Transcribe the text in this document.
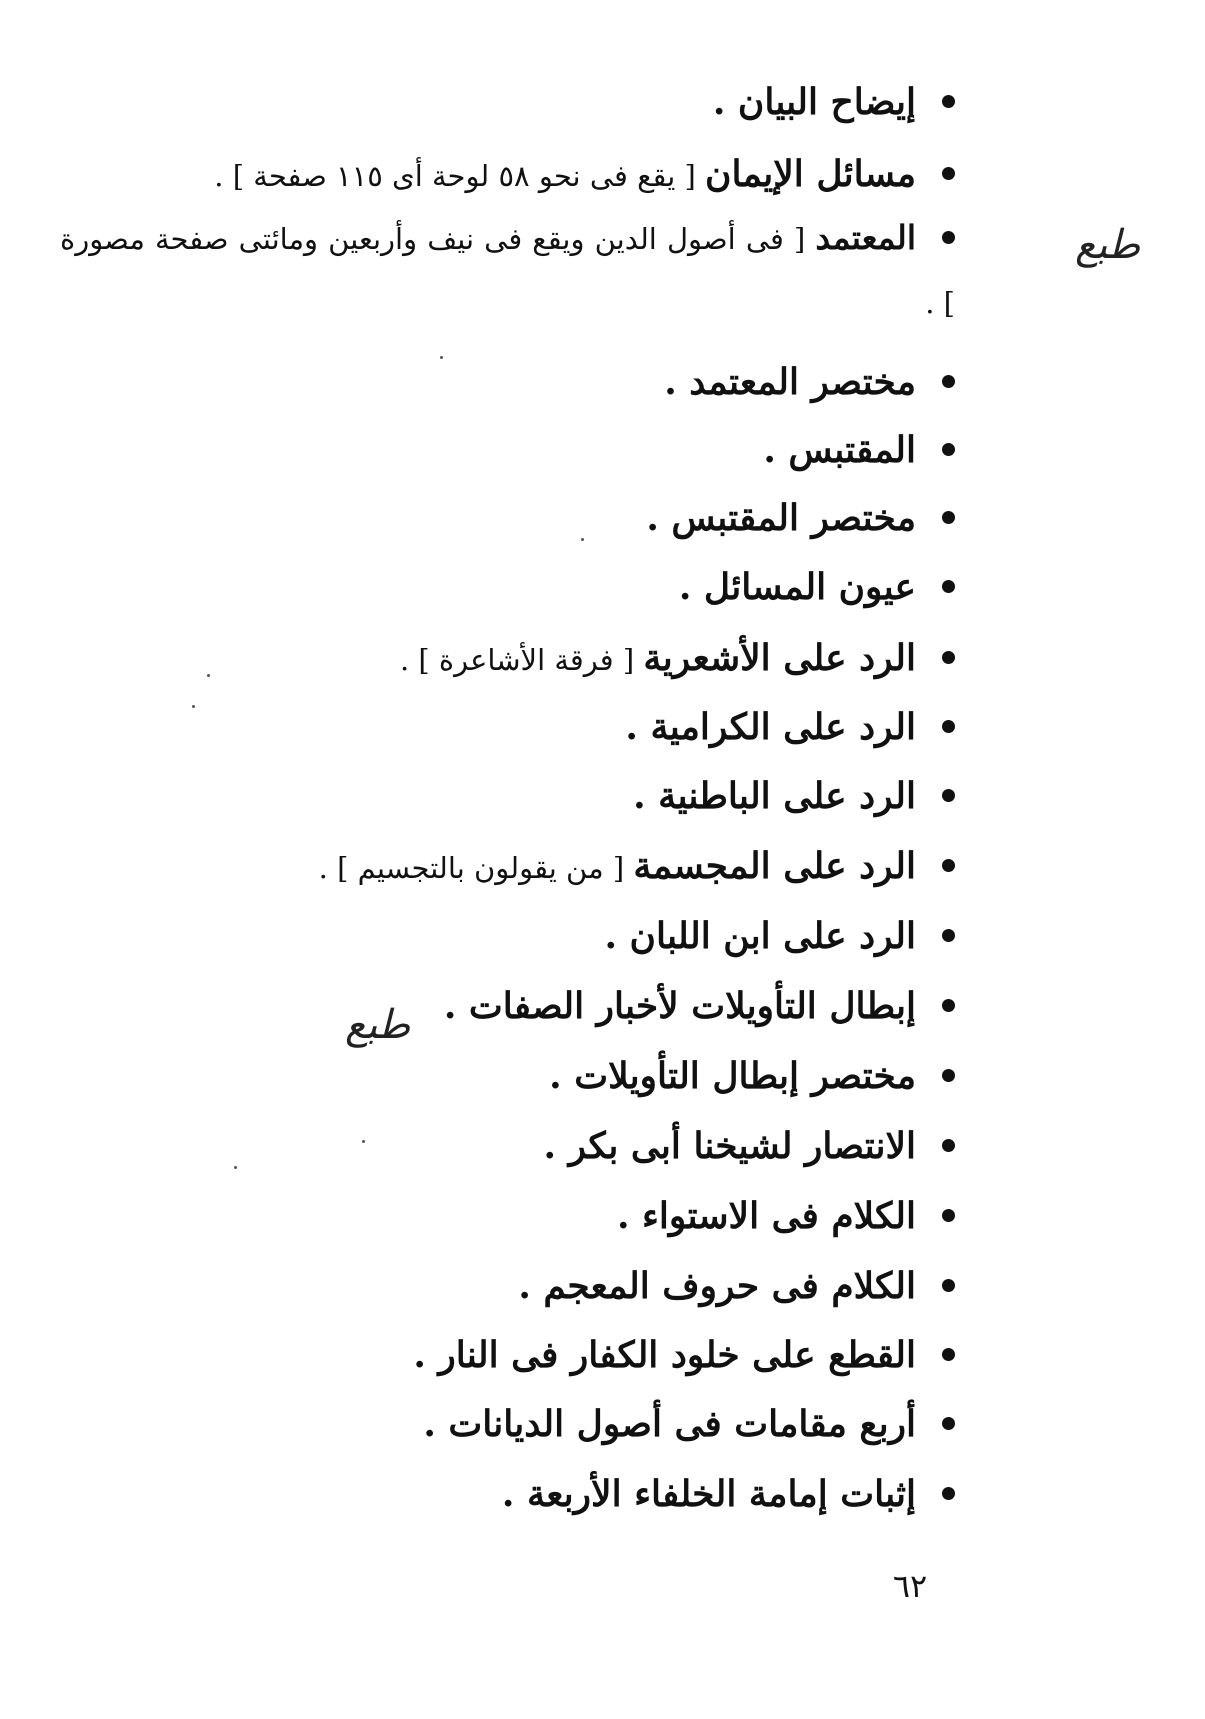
إيضاح البيان .
مسائل الإيمان [ يقع فى نحو ٥٨ لوحة أى ١١٥ صفحة ] .
المعتمد [ فى أصول الدين ويقع فى نيف وأربعين ومائتى صفحة مصورة ] .
مختصر المعتمد .
المقتبس .
مختصر المقتبس .
عيون المسائل .
الرد على الأشعرية [ فرقة الأشاعرة ] .
الرد على الكرامية .
الرد على الباطنية .
الرد على المجسمة [ من يقولون بالتجسيم ] .
الرد على ابن اللبان .
إبطال التأويلات لأخبار الصفات .
مختصر إبطال التأويلات .
الانتصار لشيخنا أبى بكر .
الكلام فى الاستواء .
الكلام فى حروف المعجم .
القطع على خلود الكفار فى النار .
أربع مقامات فى أصول الديانات .
إثبات إمامة الخلفاء الأربعة .
طبع
طبع
٦٢
